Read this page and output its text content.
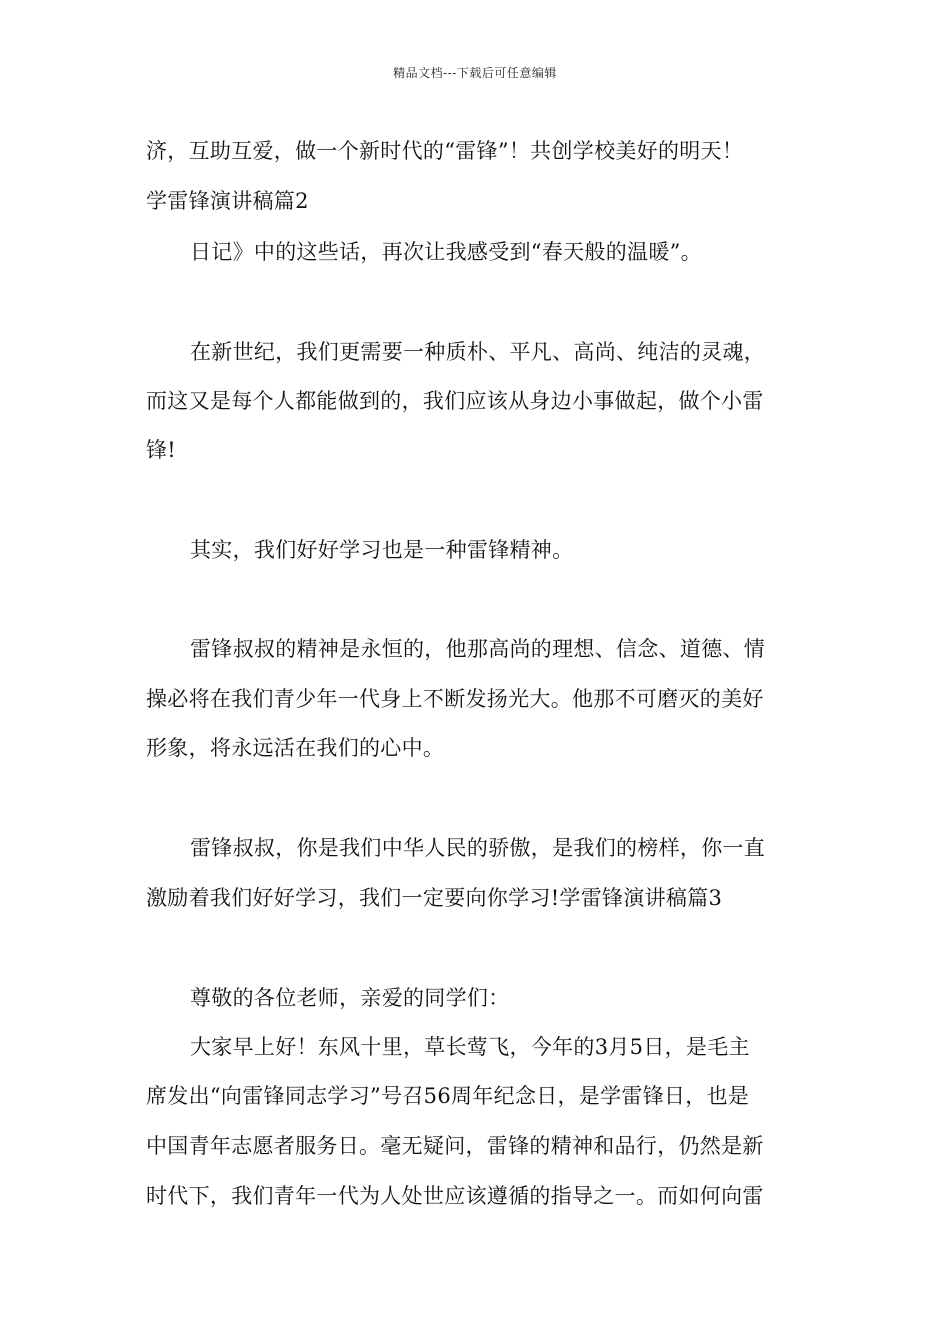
精品文档---下载后可任意编辑
济，互助互爱，做一个新时代的“雷锋”！共创学校美好的明天！
学雷锋演讲稿篇2
日记》中的这些话，再次让我感受到“春天般的温暖”。
在新世纪，我们更需要一种质朴、平凡、高尚、纯洁的灵魂，
而这又是每个人都能做到的，我们应该从身边小事做起，做个小雷
锋!
其实，我们好好学习也是一种雷锋精神。
雷锋叔叔的精神是永恒的，他那高尚的理想、信念、道德、情
操必将在我们青少年一代身上不断发扬光大。他那不可磨灭的美好
形象，将永远活在我们的心中。
雷锋叔叔，你是我们中华人民的骄傲，是我们的榜样，你一直
激励着我们好好学习，我们一定要向你学习!学雷锋演讲稿篇3
尊敬的各位老师，亲爱的同学们：
大家早上好！东风十里，草长莺飞，今年的3月5日，是毛主
席发出“向雷锋同志学习”号召56周年纪念日，是学雷锋日，也是
中国青年志愿者服务日。毫无疑问，雷锋的精神和品行，仍然是新
时代下，我们青年一代为人处世应该遵循的指导之一。而如何向雷
